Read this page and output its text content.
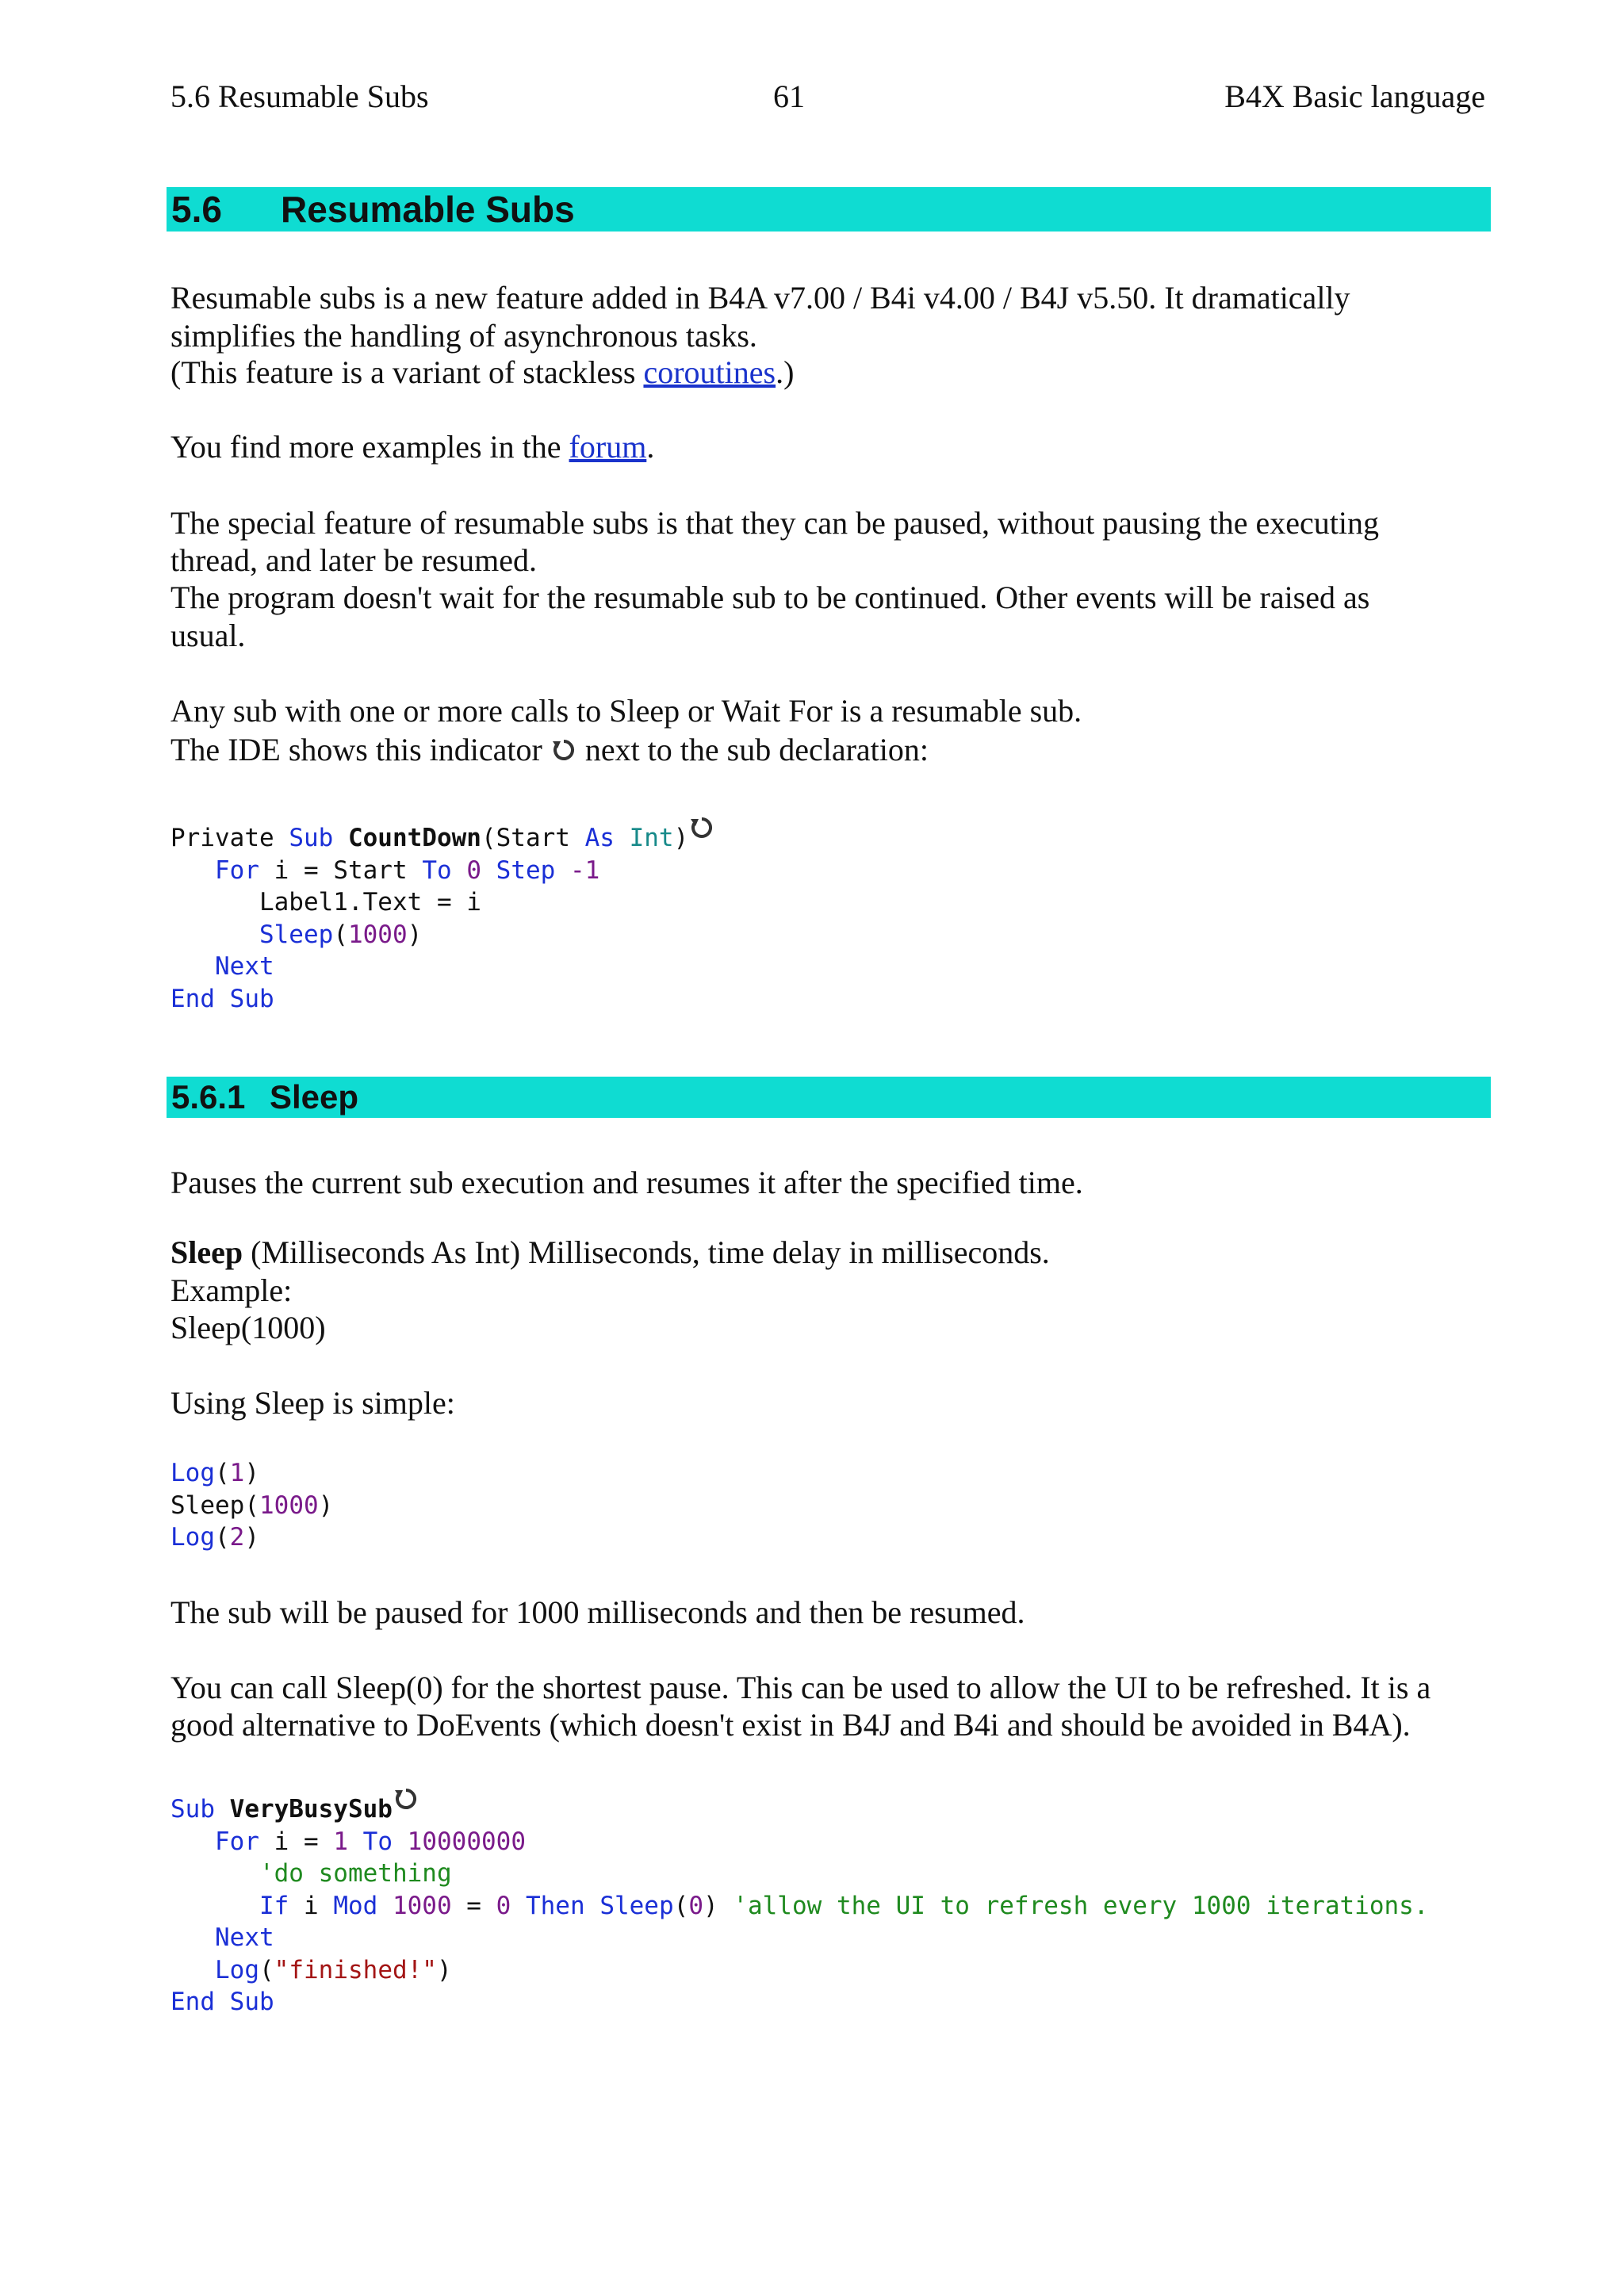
5.6 Resumable Subs	61	B4X Basic language
5.6 Resumable Subs
Resumable subs is a new feature added in B4A v7.00 / B4i v4.00 / B4J v5.50. It dramatically
simplifies the handling of asynchronous tasks.
(This feature is a variant of stackless coroutines.)
You find more examples in the forum.
The special feature of resumable subs is that they can be paused, without pausing the executing
thread, and later be resumed.
The program doesn't wait for the resumable sub to be continued. Other events will be raised as
usual.
Any sub with one or more calls to Sleep or Wait For is a resumable sub.
The IDE shows this indicator  next to the sub declaration:
Private Sub CountDown(Start As Int)
For i = Start To 0 Step -1
Label1.Text = i
Sleep(1000)
Next
End Sub
5.6.1 Sleep
Pauses the current sub execution and resumes it after the specified time.
Sleep (Milliseconds As Int) Milliseconds, time delay in milliseconds.
Example:
Sleep(1000)
Using Sleep is simple:
Log(1)
Sleep(1000)
Log(2)
The sub will be paused for 1000 milliseconds and then be resumed.
You can call Sleep(0) for the shortest pause. This can be used to allow the UI to be refreshed. It is a
good alternative to DoEvents (which doesn't exist in B4J and B4i and should be avoided in B4A).
Sub VeryBusySub
For i = 1 To 10000000
'do something
If i Mod 1000 = 0 Then Sleep(0) 'allow the UI to refresh every 1000 iterations.
Next
Log("finished!")
End Sub
